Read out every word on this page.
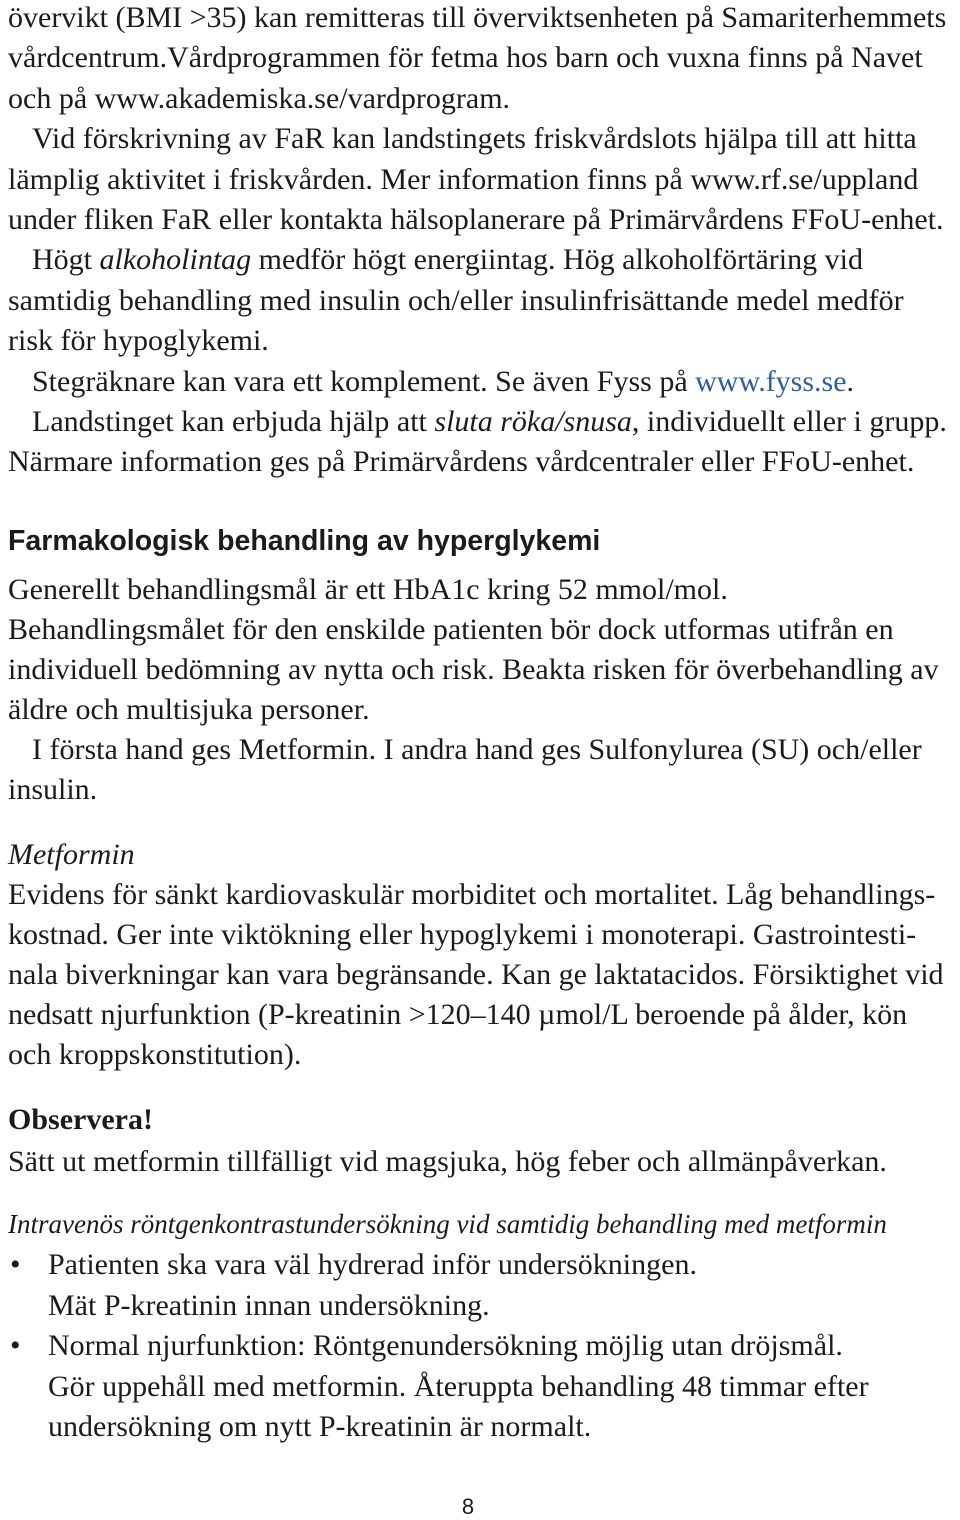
övervikt (BMI >35) kan remitteras till överviktsenheten på Samariterhemmets
vårdcentrum.Vårdprogrammen för fetma hos barn och vuxna finns på Navet
och på www.akademiska.se/vardprogram.
Vid förskrivning av FaR kan landstingets friskvårdslots hjälpa till att hitta
lämplig aktivitet i friskvården. Mer information finns på www.rf.se/uppland
under fliken FaR eller kontakta hälsoplanerare på Primärvårdens FFoU-enhet.
Högt alkoholintag medför högt energiintag. Hög alkoholförtäring vid
samtidig behandling med insulin och/eller insulinfrisättande medel medför
risk för hypoglykemi.
Stegräknare kan vara ett komplement. Se även Fyss på www.fyss.se.
Landstinget kan erbjuda hjälp att sluta röka/snusa, individuellt eller i grupp.
Närmare information ges på Primärvårdens vårdcentraler eller FFoU-enhet.
Farmakologisk behandling av hyperglykemi
Generellt behandlingsmål är ett HbA1c kring 52 mmol/mol.
Behandlingsmålet för den enskilde patienten bör dock utformas utifrån en
individuell bedömning av nytta och risk. Beakta risken för överbehandling av
äldre och multisjuka personer.
I första hand ges Metformin. I andra hand ges Sulfonylurea (SU) och/eller
insulin.
Metformin
Evidens för sänkt kardiovaskulär morbiditet och mortalitet. Låg behandlings-
kostnad. Ger inte viktökning eller hypoglykemi i monoterapi. Gastrointesti-
nala biverkningar kan vara begränsande. Kan ge laktatacidos. Försiktighet vid
nedsatt njurfunktion (P-kreatinin >120–140 µmol/L beroende på ålder, kön
och kroppskonstitution).
Observera!
Sätt ut metformin tillfälligt vid magsjuka, hög feber och allmänpåverkan.
Intravenös röntgenkontrastundersökning vid samtidig behandling med metformin
• Patienten ska vara väl hydrerad inför undersökningen.
Mät P-kreatinin innan undersökning.
• Normal njurfunktion: Röntgenundersökning möjlig utan dröjsmål.
Gör uppehåll med metformin. Återuppta behandling 48 timmar efter
undersökning om nytt P-kreatinin är normalt.
8
